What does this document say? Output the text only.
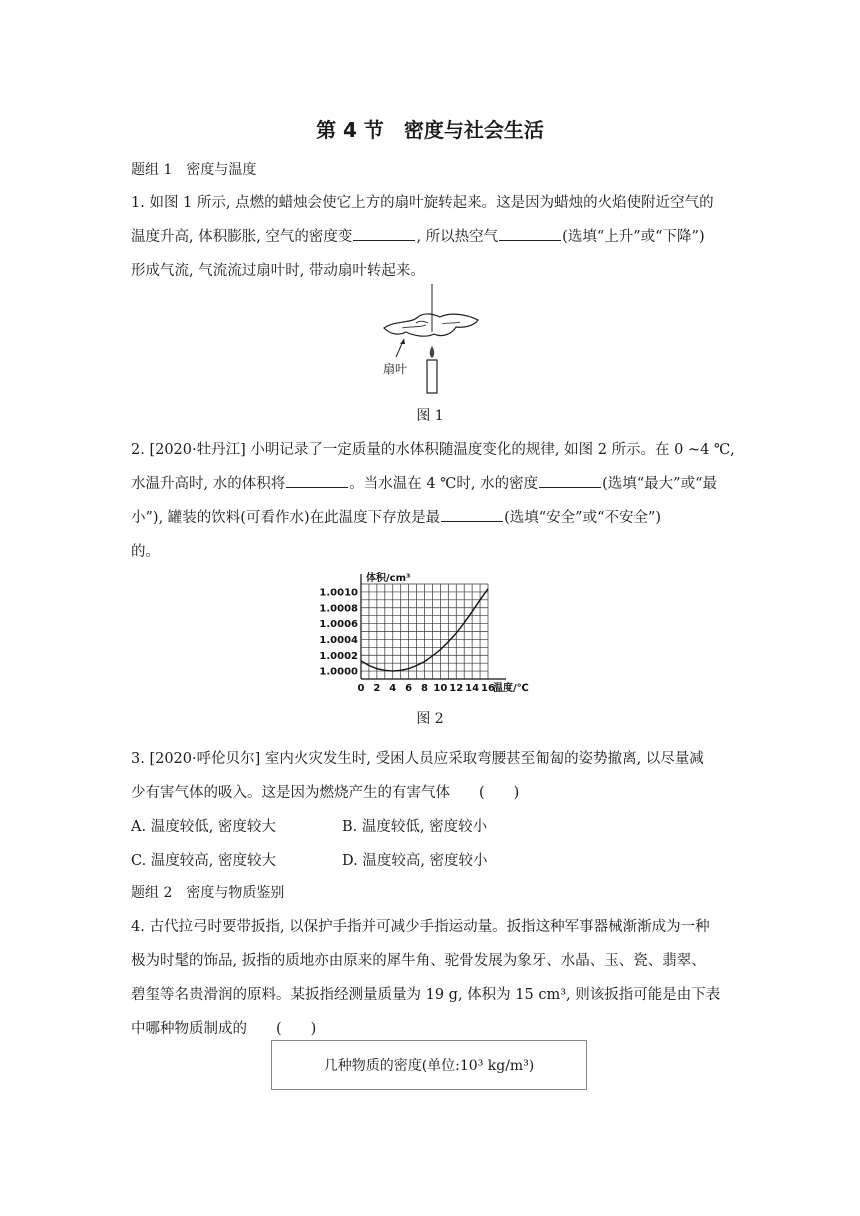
第 4 节　密度与社会生活
题组 1　密度与温度
1. 如图 1 所示, 点燃的蜡烛会使它上方的扇叶旋转起来。这是因为蜡烛的火焰使附近空气的
温度升高, 体积膨胀, 空气的密度变	, 所以热空气	(选填“上升”或“下降”)
形成气流, 气流流过扇叶时, 带动扇叶转起来。
扇叶
图 1
2. [2020·牡丹江] 小明记录了一定质量的水体积随温度变化的规律, 如图 2 所示。在 0 ~4 ℃,
水温升高时, 水的体积将	。当水温在 4 ℃时, 水的密度	(选填“最大”或“最
小”), 罐装的饮料(可看作水)在此温度下存放是最	(选填“安全”或“不安全”)
的。
1.0000
1.0002
1.0004
1.0006
1.0008
1.0010
0 2 4 6 8 10 12 14 16
体积/cm³
温度/℃
图 2
3. [2020·呼伦贝尔] 室内火灾发生时, 受困人员应采取弯腰甚至匍匐的姿势撤离, 以尽量减
少有害气体的吸入。这是因为燃烧产生的有害气体　　(　　)
A. 温度较低, 密度较大	B. 温度较低, 密度较小
C. 温度较高, 密度较大	D. 温度较高, 密度较小
题组 2　密度与物质鉴别
4. 古代拉弓时要带扳指, 以保护手指并可减少手指运动量。扳指这种军事器械渐渐成为一种
极为时髦的饰品, 扳指的质地亦由原来的犀牛角、驼骨发展为象牙、水晶、玉、瓷、翡翠、
碧玺等名贵滑润的原料。某扳指经测量质量为 19 g, 体积为 15 cm³, 则该扳指可能是由下表
中哪种物质制成的　　(　　)
几种物质的密度(单位:10³ kg/m³)
